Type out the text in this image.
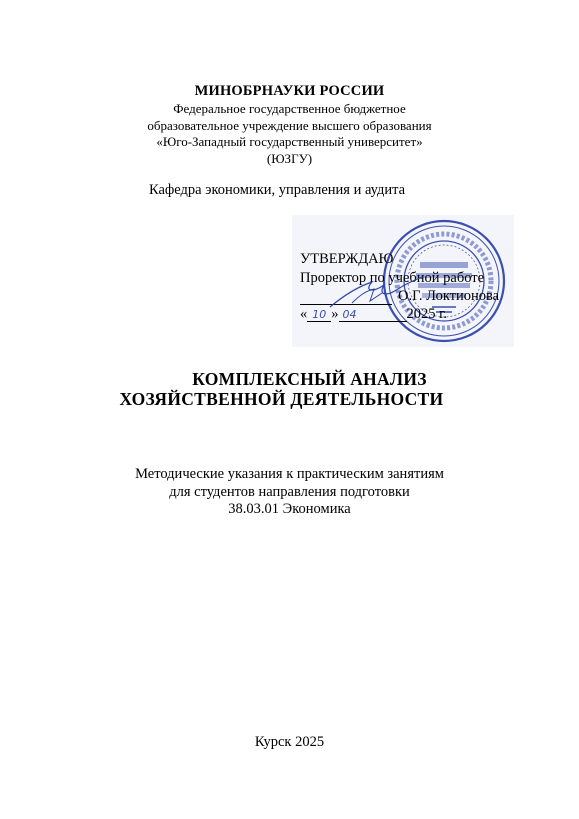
МИНОБРНАУКИ РОССИИ
Федеральное государственное бюджетное
образовательное учреждение высшего образования
«Юго-Западный государственный университет»
(ЮЗГУ)
Кафедра экономики, управления и аудита
УТВЕРЖДАЮ
Проректор по учебной работе
О.Г. Локтионова
« 10 » 04	2025 г.
КОМПЛЕКСНЫЙ АНАЛИЗ
ХОЗЯЙСТВЕННОЙ ДЕЯТЕЛЬНОСТИ
Методические указания к практическим занятиям
для студентов направления подготовки
38.03.01 Экономика
Курск 2025
